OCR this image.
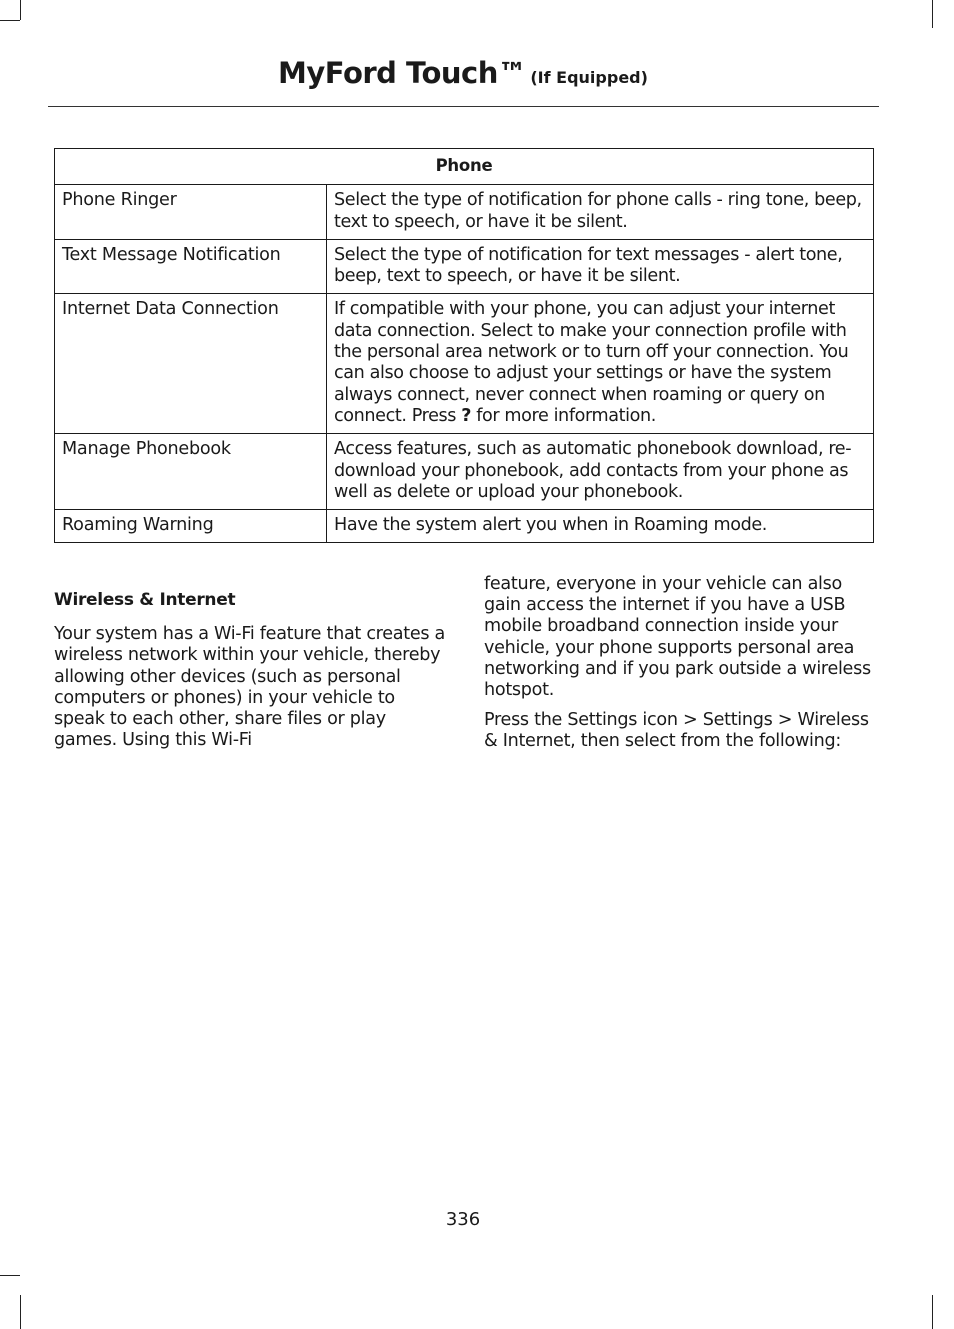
MyFord Touch™ (If Equipped)
Phone	
Phone Ringer	Select the type of notification for phone calls - ring tone, beep, text to speech, or have it be silent.
Text Message Notification	Select the type of notification for text messages - alert tone, beep, text to speech, or have it be silent.
Internet Data Connection	If compatible with your phone, you can adjust your internet data connection. Select to make your connection profile with the personal area network or to turn off your connection. You can also choose to adjust your settings or have the system always connect, never connect when roaming or query on connect. Press ? for more information.
Manage Phonebook	Access features, such as automatic phonebook download, re-download your phonebook, add contacts from your phone as well as delete or upload your phonebook.
Roaming Warning	Have the system alert you when in Roaming mode.
Wireless & Internet

Your system has a Wi-Fi feature that creates a wireless network within your vehicle, thereby allowing other devices (such as personal computers or phones) in your vehicle to speak to each other, share files or play games. Using this Wi-Fi

feature, everyone in your vehicle can also gain access the internet if you have a USB mobile broadband connection inside your vehicle, your phone supports personal area networking and if you park outside a wireless hotspot.

Press the Settings icon > Settings > Wireless & Internet, then select from the following:

336
